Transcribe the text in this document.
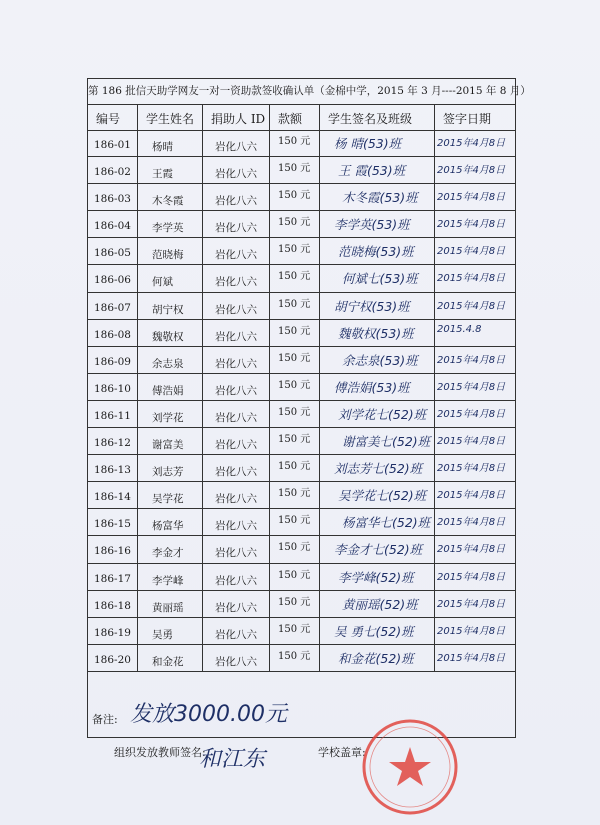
第 186 批信天助学网友一对一资助款签收确认单（金棉中学，2015 年 3 月----2015 年 8 月）
编号 学生姓名 捐助人 ID 款额 学生签名及班级	签字日期
186-01 杨晴	岩化八六 150 元 杨 晴(53)班	2015年4月8日
186-02 王霞	岩化八六 150 元 王 霞(53)班	2015年4月8日
186-03 木冬霞	岩化八六 150 元	木冬霞(53)班 2015年4月8日
186-04 李学英	岩化八六 150 元 李学英(53)班	2015年4月8日
186-05 范晓梅	岩化八六 150 元 范晓梅(53)班 2015年4月8日
186-06 何斌	岩化八六 150 元	何斌七(53)班 2015年4月8日
186-07 胡宁权	岩化八六 150 元 胡宁权(53)班	2015年4月8日
186-08 魏敬权	岩化八六 150 元 魏敬权(53)班 2015.4.8
186-09 余志泉	岩化八六 150 元	余志泉(53)班 2015年4月8日
186-10 傅浩娟	岩化八六 150 元 傅浩娟(53)班	2015年4月8日
186-11 刘学花	岩化八六 150 元 刘学花七(52)班 2015年4月8日
186-12 谢富美	岩化八六 150 元	谢富美七(52)班 2015年4月8日
186-13 刘志芳	岩化八六 150 元 刘志芳七(52)班 2015年4月8日
186-14 吴学花	岩化八六 150 元 吴学花七(52)班 2015年4月8日
186-15 杨富华	岩化八六 150 元	杨富华七(52)班 2015年4月8日
186-16 李金才	岩化八六 150 元 李金才七(52)班 2015年4月8日
186-17 李学峰	岩化八六 150 元 李学峰(52)班 2015年4月8日
186-18 黄丽瑶	岩化八六 150 元	黄丽瑶(52)班 2015年4月8日
186-19 吴勇	岩化八六 150 元 吴 勇七(52)班 2015年4月8日
186-20 和金花	岩化八六 150 元 和金花(52)班 2015年4月8日
备注: 发放3000.00元
组织发放教师签名:
和江东	学校盖章:
